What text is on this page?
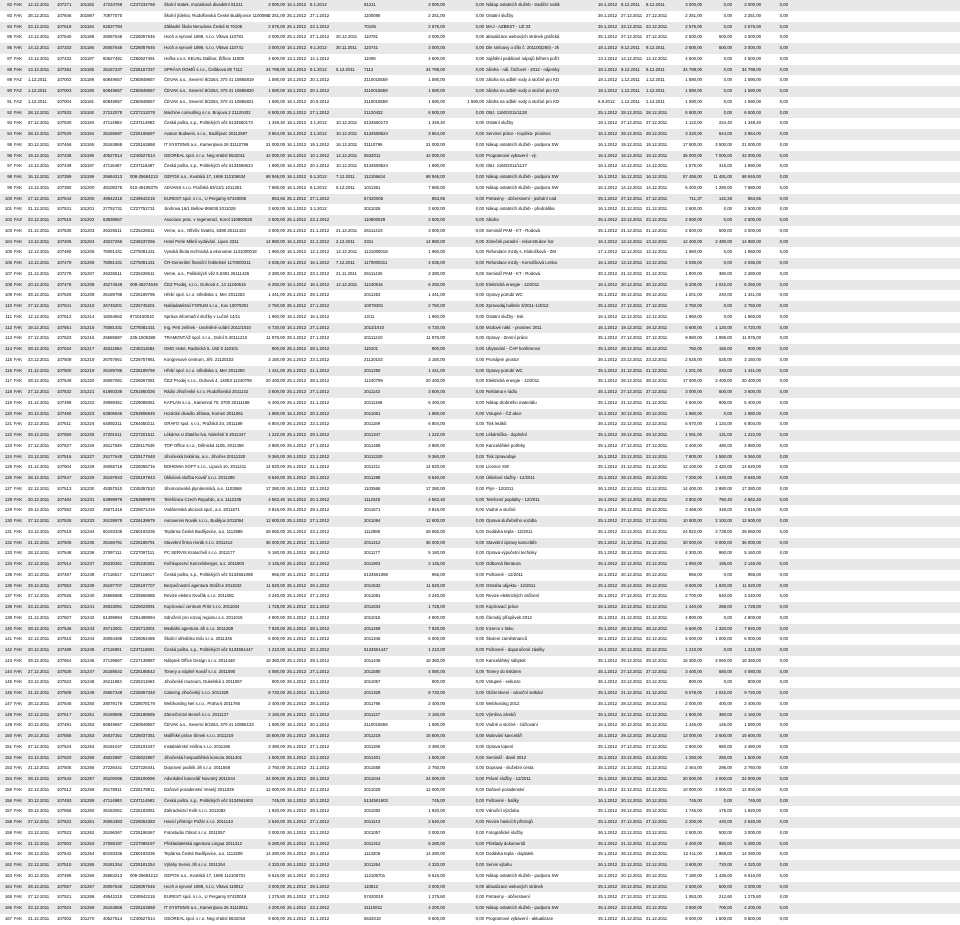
82 FAK	12.12.2011	107271	101182	47234768	CZ47234768	Školní statek, mozaiková divadelní 81211	3 000,00 16.1.2012 5.1.2012	81211	3 000,00	0,00 Nákup ostatních služeb - tradiční svátk	16.1.2012 8.12.2011	8.12.2011	3 000,00	0,00	3 000,00	0,00
83 FAK	28.12.2011	107846	301987	70877570	Školní jídelna, Rudolfovská České Budějovice 1100086 2 251,00 25.1.2012 27.1.2012	1100086	2 251,00	0,00 Ostatní služby	26.1.2012 27.12.2011 27.12.2011	2 251,00	0,00	2 251,00	0,00
84 FAK	23.12.2011	107518	101184	62537784	Základní škola Nerudova České B 70105	2 575,00 26.1.2012 23.1.2012	70105	2 575,00	0,00 MAJ - AZBEST - UZ 33	26.1.2012 23.12.2011 23.12.2011	2 575,00	0,00	2 575,00	0,00
85 FAK	14.12.2011	107540	101188	26057646	CZ26057646	Hoch a synové 1898, s.r.o. Vltava 110781	3 000,00 25.1.2012 27.1.2012	20.12.2011	110781	3 000,00	0,00 aktualizace webových stránek grafická	25.1.2012 27.12.2011 27.12.2011	2 500,00	500,00	3 000,00	0,00
86 FAK	14.12.2011	107333	101186	26057646	CZ26057646	Hoch a synové 1898, s.r.o. Vltava 110741	3 000,00 18.1.2012 9.1.2012	30.11.2011	110741	3 000,00	0,00 Dle smlouvy o dílo č. 201100(280) - zk	18.1.2012 9.12.2011	9.12.2011	2 500,00	500,00	3 000,00	0,00
87 FAK	14.12.2011	107432	101187	60627491	CZ60627491	Hořka v.o.s. KEUSL Dalibor, Žižkov 11008	4 500,00 13.1.2012 14.1.2012	11008	4 500,00	0,00 zajištění pedálové nápojů během poříz	13.1.2012 14.12.2011 14.12.2011	4 500,00	0,00	4 500,00	0,00
88 FAK	13.12.2011	107284	101185	25157337	CZ25157337	SPRÁVA DOMŮ s.r.o., Čelákova 80 7112	34 798,00 18.1.2012 9.1.2012	5.12.2011	7112	34 798,00	0,00 záloha - nál. činžovní - 2012 - nájemky	18.1.2012 9.12.2011	9.12.2011	34 798,00	0,00	34 798,00	0,00
89 FAZ	1.12.2011	107002	101189	60849657	CZ60849657	ČEVAK a.s., Severní 8/2264, 370 41 10865819	1 590,00 18.1.2012 20.1.2012	3110015559	1 590,00	0,00 záloha na odběr vody a stočné pro KD	18.1.2012 1.12.2011	1.12.2011	1 590,00	0,00	1 590,00	0,00
90 FAZ	1.12.2011	107003	101190	60849657	CZ60849657	ČEVAK a.s., Severní 8/2264, 370 41 10865820	1 590,00 18.1.2012 20.1.2012	3110015559	1 590,00	0,00 záloha na odběr vody a stočné pro KD	18.1.2012 1.12.2011	1.12.2011	1 590,00	0,00	1 590,00	0,00
91 FAZ	1.12.2011	107004	101191	60849657	CZ60849657	ČEVAK a.s., Severní 8/2264, 370 41 10865821	1 590,00 18.1.2012 20.9.2012	3110015559	1 590,00	1 590,00 záloha na odběr vody a stočné pro KD	6.9.2012	1.12.2011	1.12.2011	1 590,00	0,00	1 590,00	0,00
92 FAK	28.12.2011	107533	101192	27212078	CZ27212078	Machine consulting s.r.o. Brojova 2 21120432	6 500,00 25.1.2012 27.1.2012	21120432	6 500,00	0,00 OBJ. 1160/2011/1128	25.1.2012 28.12.2011 28.12.2011	6 500,00	0,00	6 500,00	0,00
93 FAK	27.12.2011	107530	101193	47114983	CZ47114983	Česká pošta, s.p., Politických věz 5134560173	1 348,40 18.1.2012 3.1.2012	10.12.2011	5134560173	1 348,40	0,00 Ostatní služby	18.1.2012 27.12.2011 27.12.2011	1 122,00	224,40	1 348,40	0,00
94 FAK	28.12.2011	107529	101194	25165697	CZ25165697	Avaton Budweis, s.r.o., Budějovic 20112597	3 864,00 16.1.2012 3.1.2012	10.12.2011	5134559524	3 864,00	0,00 Servisní práce - Kopírka- prosinec	16.1.2012 28.12.2011 28.12.2011	3 220,00	644,00	3 864,00	0,00
95 FAK	20.12.2011	107466	101165	25163868	CZ25163868	IT SYSTEMS a.s., Kamenjtova 26 31110796	21 000,00 16.1.2012 19.1.2012	16.12.2011	31110796	21 000,00	0,00 Nákup ostatních služeb - podpora SW	16.1.2012 19.12.2011 19.12.2011	17 500,00	3 500,00	21 000,00	0,00
96 FAK	19.12.2011	107438	101196	40527514	CZ40527514	GEOREAL spol. s r.o. Neg.Vratisl 5532011	42 000,00 16.1.2012 10.1.2012	12.12.2011	5532011	42 000,00	0,00 Programové vybavení - vý.	16.1.2012 19.12.2011 19.12.2011	35 000,00	7 000,00	42 000,00	0,00
97 FAK	14.12.2011	107439	101197	47116487	CZ47116487	Česká pošta, s.p., Politických věz 5134559524	1 890,00 16.1.2012 20.1.2012	10.12.2011	5134559524	1 890,00	0,00 OBJ. 1160/2011/1127	16.1.2012 14.12.2011 14.12.2011	1 575,00	315,00	1 890,00	0,00
98 FAK	16.12.2011	107399	101199	25684213	008-25684213	GEPOS a.s., Kvotská 17, 1695 112106634	68 946,00 16.1.2012 5.1.2012	7.12.2011	112106634	68 946,00	0,00 Nákup ostatních služeb - podpora SW	16.1.2012 16.12.2011 16.12.2011	57 455,00	11 491,00	68 946,00	0,00
99 FAK	14.12.2011	107380	101200	48108375	010-48108375	ADVANS s.r.o. Pražská 83/13/1 1011351	7 680,00 16.1.2012 9.1.2012	5.12.2011	1011351	7 680,00	0,00 Nákup ostatních služeb - podpora SW	16.1.2012 14.12.2011 14.12.2011	6 400,00	1 280,00	7 680,00	0,00
100 FAK	27.12.2011	107544	101200	49542215	CZ49542215	EUREST spol. s r.o., U Pergamy 57420006	853,65 25.1.2012 27.1.2012	57420006	853,65	0,00 Potraviny - občerstvení - jednání nad	25.1.2012 27.12.2011 27.12.2011	711,37	142,28	853,65	0,00
101 FAK	21.12.2011	107531	101201	27752731	CZ27752731	Jindrova 16/1 Bellow 869/38 2011028	2 600,00 16.1.2012 3.1.2012	2011028	2 600,00	0,00 Nákup ostatních služeb - přednáška	16.1.2012 21.12.2011 21.12.2011	2 600,00	0,00	2 600,00	0,00
102 FAZ	23.12.2011	107518	101202	63838667	Asociace prac. v regenerací, Korol 110800028	2 500,00 26.1.2012 23.1.2012	110800028	2 500,00	0,00 záloha	26.1.2012 23.12.2011 23.12.2011	2 500,00	0,00	2 500,00	0,00
103 FAK	21.12.2011	107535	101203	26226511	CZ26226511	Verne, a.s., Olbrův Svaté1, 6380 26111423	3 000,00 25.1.2012 21.1.2012	21.12.2011	26111423	3 000,00	0,00 Seminář PAM - KT - Rodová	25.1.2012 21.12.2011 21.12.2011	2 500,00	500,00	3 000,00	0,00
104 FAK	13.12.2011	107406	101204	48237256	CZ48237256	Hotel Perle Mikrů vydávání, Lipen 2311	14 880,00 16.1.2012 21.1.2012	2.12.2011	2311	14 880,00	0,00 Zimeček poradní - rekonstrukce hor	16.1.2012 13.12.2011 13.12.2011	12 400,00	2 480,00	14 880,00	0,00
105 FAK	12.12.2011	107480	101205	75081431	CZ75081431	Vysoká škola technická a ekonomie 1131000018	1 960,00 16.1.2012 12.1.2012	12.12.2011	1131000018	1 960,00	0,00 Refundace mzdy s. Klokočková - ZM	17.1.2012 12.12.2011 12.12.2011	1 960,00	0,00	1 960,00	0,00
106 FAK	13.12.2011	107479	101206	75081431	CZ75081431	ČR-Generální finanční ředitelství 1170000311	4 036,00 16.1.2012 16.1.2012	7.12.2011	1170000311	4 036,00	0,00 Refundace mzdy - Konvičková Lenka	16.1.2012 13.12.2011 13.12.2011	4 036,00	0,00	4 036,00	0,00
107 FAK	21.12.2011	107278	101207	26226511	CZ26226511	Verne, a.s., Politických věz 5,6381 26111426	2 280,00 20.1.2012 23.1.2012	21.11.2011	26111426	2 280,00	0,00 Seminář PAM - KT - Rodová	20.1.2012 21.12.2011 21.12.2011	1 900,00	380,00	2 280,00	0,00
108 FAK	20.12.2011	107478	101208	45274649	008-45274649	ČEZ Prodej, s.r.o., Duhová 4, 14 11240616	6 250,00 16.1.2012 16.1.2012	12.12.2011	11240616	6 250,00	0,00 Elektrická energie - 12/2011	16.1.2012 20.12.2011 20.12.2011	5 208,00	1 042,00	6 250,00	0,00
109 FAK	29.12.2011	107529	101209	25189786	CZ25189786	Hřebí spol. s.r.o. střediska 1, Mer 2011253	1 441,00 25.1.2012 29.1.2012	2011253	1 441,00	0,00 Opravy potrubí WC	25.1.2012 29.12.2011 29.12.2011	1 201,00	240,00	1 441,00	0,00
110 FAK	27.12.2011	107541	101210	26745201	CZ26745201	Nakladatelství FORUM s.r.o., Kov 10079301	2 750,00 25.1.2012 27.1.2012	10079301	2 750,00	0,00 Zpravodaj bulletin 3/2011-1/2012	25.1.2012 27.12.2011 27.12.2011	2 750,00	0,00	2 750,00	0,00
111 FAK	12.12.2011	107512	101214	18264562	8710150010	Správa informační služby v Lučně 14/11	1 960,00 16.1.2012 16.1.2012	14/11	1 960,00	0,00 Ostatní služby - tisk	16.1.2012 12.12.2011 12.12.2011	1 960,00	0,00	1 960,00	0,00
112 FAK	19.12.2011	107551	101215	75081431	CZ75081431	Ing. Petr Jelínek - Uvolněné volání 2011/1010	6 720,00 16.1.2012 27.1.2012	2011/1010	6 720,00	0,00 Mzdové nákl. - prosinec 2011	16.1.2012 19.12.2011 19.12.2011	5 600,00	1 120,00	6 720,00	0,00
113 FAK	27.12.2011	107523	101216	25585887	235-1505388	TRAMONTÁŽ spol. s r.o., Dolní 5 20111210	11 976,00 25.1.2012 27.1.2012	20111210	11 976,00	0,00 Opravy - Zemní práce	25.1.2012 27.12.2011 27.12.2011	9 980,00	1 996,00	11 976,00	0,00
114 FAK	28.12.2011	107534	101217	45311584	CZ45311584	OMG Hotel, Radnická 5, Ústí 0 110101	900,00 25.1.2012 28.1.2012	110101	900,00	0,00 Ubytování - ČAP konference	25.1.2012 28.12.2011 28.12.2011	750,00	150,00	900,00	0,00
115 FAK	23.12.2011	107509	101218	26757861	CZ26757861	Kongresové centrum, Jihl. 21120102	3 150,00 26.1.2012 23.1.2012	21120102	3 150,00	0,00 Pronájem prostor	26.1.2012 23.12.2011 23.12.2011	2 625,00	525,00	3 150,00	0,00
116 FAK	21.12.2011	107500	101219	25189786	CZ25189786	Hřebí spol. s.r.o. střediska 1, Mer 2011250	1 441,00 25.1.2012 21.1.2012	2011250	1 441,00	0,00 Opravy potrubí WC	25.1.2012 21.12.2011 21.12.2011	1 201,00	240,00	1 441,00	0,00
117 FAK	28.12.2011	107549	101220	26067081	CZ26067081	ČEZ Prodej s.r.o., Duhová 4, 14053 11240799	20 400,00 25.1.2012 28.1.2012	11240799	20 400,00	0,00 Elektrická energie - 12/2011	25.1.2012 28.12.2011 28.12.2011	17 000,00	3 400,00	20 400,00	0,00
118 FAK	27.12.2011	107532	101221	61860336	CZ61860336	Rádio Jihočeské s.r.o. Rudolfovská 2011142	3 600,00 25.1.2012 27.1.2012	2011142	3 600,00	0,00 Reklama v rádiu	25.1.2012 27.12.2011 27.12.2011	3 000,00	600,00	3 600,00	0,00
119 FAK	21.12.2011	107498	101222	29089351	CZ29089351	KAPLAN s.r.o., Kamenná 70, 3700 20111198	5 400,00 25.1.2012 21.1.2012	20111198	5 400,00	0,00 Nákup drobného materiálu	25.1.2012 21.12.2011 21.12.2011	4 500,00	900,00	5 400,00	0,00
120 FAK	20.12.2011	107480	101223	63906945	CZ63906945	Horácké divadlo Jihlava, Komen 2011061	1 980,00 16.1.2012 20.1.2012	2011061	1 980,00	0,00 Vstupné - ČZ akce	16.1.2012 20.12.2011 20.12.2011	1 980,00	0,00	1 980,00	0,00
121 FAK	22.12.2011	107511	101224	64050211	CZ64050211	GRAFO spol. s r.o., Pražská 24, 2011189	6 804,00 26.1.2012 22.1.2012	2011189	6 804,00	0,00 Tisk letáků	26.1.2012 22.12.2011 22.12.2011	5 670,00	1 134,00	6 804,00	0,00
122 FAK	29.12.2011	107550	101225	27201511	CZ27201511	Lékárna U Zlatého lva, Náměstí 5 2011347	1 222,00 25.1.2012 29.1.2012	2011347	1 222,00	0,00 Lékárnička - doplnění	25.1.2012 29.12.2011 29.12.2011	1 091,00	131,00	1 222,00	0,00
123 FAK	27.12.2011	107527	101226	28117549	CZ28117549	TOP Office s.r.o., Dělnická 1105, 2011458	2 880,00 25.1.2012 27.1.2012	2011458	2 880,00	0,00 Kancelářské potřeby	25.1.2012 27.12.2011 27.12.2011	2 400,00	480,00	2 880,00	0,00
124 FAK	23.12.2011	107516	101227	25177648	CZ25177648	Jihočeská tiskárna, a.s., Jihočes 20111320	9 360,00 26.1.2012 23.1.2012	20111320	9 360,00	0,00 Tisk zpravodaje	26.1.2012 23.12.2011 23.12.2011	7 800,00	1 560,00	9 360,00	0,00
125 FAK	21.12.2011	107504	101228	26055716	CZ26055716	BOHEMIA SOFT s.r.o., Lipová 10, 2011211	14 520,00 25.1.2012 21.1.2012	2011211	14 520,00	0,00 Licence SW	25.1.2012 21.12.2011 21.12.2011	12 100,00	2 420,00	14 520,00	0,00
126 FAK	28.12.2011	107547	101229	25197843	CZ25197843	Úklidová služba Kovář s.r.o. 2011288	8 640,00 25.1.2012 28.1.2012	2011288	8 640,00	0,00 Úklidové služby - 12/2011	25.1.2012 28.12.2011 28.12.2011	7 200,00	1 440,00	8 640,00	0,00
127 FAK	22.12.2011	107513	101230	45357510	CZ45357510	Jihomoravská plynárenská, a.s. 1103568	17 280,00 26.1.2012 22.1.2012	1103568	17 280,00	0,00 Plyn - 12/2011	26.1.2012 22.12.2011 22.12.2011	14 400,00	2 880,00	17 280,00	0,00
128 FAK	20.12.2011	107484	101231	63999978	CZ63999978	Telefónica Czech Republic, a.s. 1112345	4 562,40 16.1.2012 20.1.2012	1112345	4 562,40	0,00 Telefonní poplatky - 12/2011	16.1.2012 20.12.2011 20.12.2011	3 802,00	760,40	4 562,40	0,00
129 FAK	29.12.2011	107552	101232	25671416	CZ25671416	Vodárenská akciová spol., a.s. 2011671	3 816,00 25.1.2012 29.1.2012	2011671	3 816,00	0,00 Vodné a stočné	25.1.2012 29.12.2011 29.12.2011	3 468,00	348,00	3 816,00	0,00
130 FAK	27.12.2011	107528	101233	26139979	CZ26139979	Autoservis Novák s.r.o., Budějov 2011094	12 600,00 25.1.2012 27.1.2012	2011094	12 600,00	0,00 Oprava služebního vozidla	25.1.2012 27.12.2011 27.12.2011	10 500,00	2 100,00	12 600,00	0,00
131 FAK	23.12.2011	107519	101234	60193336	CZ60193336	Teplárna České Budějovice, a.s. 1112986	28 560,00 26.1.2012 23.1.2012	1112986	28 560,00	0,00 Dodávka tepla - 12/2011	26.1.2012 23.12.2011 23.12.2011	24 822,00	3 738,00	28 560,00	0,00
132 FAK	21.12.2011	107506	101235	25186791	CZ25186791	Stavební firma Horák s.r.o. 2011412	36 000,00 25.1.2012 21.1.2012	2011412	36 000,00	0,00 Stavební úpravy kanceláře	25.1.2012 21.12.2011 21.12.2011	30 000,00	6 000,00	36 000,00	0,00
133 FAK	28.12.2011	107548	101236	27097111	CZ27097111	PC SERVIS Kratochvíl s.r.o. 2011177	5 160,00 25.1.2012 28.1.2012	2011177	5 160,00	0,00 Oprava výpočetní techniky	25.1.2012 28.12.2011 28.12.2011	4 300,00	860,00	5 160,00	0,00
134 FAK	22.12.2011	107514	101237	25230361	CZ25230361	Knihkupectví Kanzelsberger, a.s. 2011903	2 145,00 26.1.2012 22.1.2012	2011903	2 145,00	0,00 Odborná literatura	26.1.2012 22.12.2011 22.12.2011	1 950,00	195,00	2 145,00	0,00
135 FAK	20.12.2011	107487	101238	47116617	CZ47116617	Česká pošta, s.p., Politických věz 5134561088	956,00 16.1.2012 20.1.2012	5134561088	956,00	0,00 Poštovné - 12/2011	16.1.2012 20.12.2011 20.12.2011	956,00	0,00	956,00	0,00
136 FAK	29.12.2011	107553	101239	26197707	CZ26197707	Bezpečnostní agentura Strážce 2011532	11 520,00 25.1.2012 29.1.2012	2011532	11 520,00	0,00 Ostraha objektu - 12/2011	25.1.2012 29.12.2011 29.12.2011	9 600,00	1 920,00	11 520,00	0,00
137 FAK	27.12.2011	107526	101240	25565885	CZ25565885	Revize elektro Dvořák s.r.o. 2011081	3 240,00 25.1.2012 27.1.2012	2011081	3 240,00	0,00 Revize elektrických zařízení	25.1.2012 27.12.2011 27.12.2011	2 700,00	540,00	3 240,00	0,00
138 FAK	23.12.2011	107521	101241	26023091	CZ26023091	Kopírovací centrum Print s.r.o. 2011634	1 728,00 26.1.2012 23.1.2012	2011634	1 728,00	0,00 Kopírovací práce	26.1.2012 23.12.2011 23.12.2011	1 440,00	288,00	1 728,00	0,00
139 FAK	21.12.2011	107507	101242	61499994	CZ61499994	Sdružení pro rozvoj regionu o.s. 2011015	4 800,00 25.1.2012 21.1.2012	2011015	4 800,00	0,00 Členský příspěvek 2012	25.1.2012 21.12.2011 21.12.2011	4 800,00	0,00	4 800,00	0,00
140 FAK	28.12.2011	107546	101243	25713001	CZ25713001	Mediální agentura Jih s.r.o. 2011269	7 920,00 25.1.2012 28.1.2012	2011269	7 920,00	0,00 Inzerce v tisku	25.1.2012 28.12.2011 28.12.2011	6 600,00	1 320,00	7 920,00	0,00
141 FAK	22.12.2011	107515	101244	26054485	CZ26054485	Školicí středisko Edu s.r.o. 2011345	6 000,00 26.1.2012 22.1.2012	2011345	6 000,00	0,00 Školení zaměstnanců	26.1.2012 22.12.2011 22.12.2011	5 000,00	1 000,00	6 000,00	0,00
142 FAK	20.12.2011	107489	101245	47116901	CZ47116901	Česká pošta, s.p., Politických věz 5134561447	1 210,00 16.1.2012 20.1.2012	5134561447	1 210,00	0,00 Poštovné - doporučené zásilky	16.1.2012 20.12.2011 20.12.2011	1 210,00	0,00	1 210,00	0,00
143 FAK	29.12.2011	107554	101246	27139867	CZ27139867	Nábytek Office Design s.r.o. 2011448	18 360,00 25.1.2012 29.1.2012	2011448	18 360,00	0,00 Kancelářský nábytek	25.1.2012 29.12.2011 29.12.2011	15 300,00	3 060,00	18 360,00	0,00
144 FAK	27.12.2011	107525	101247	25188542	CZ25188542	Tonery a náplně Kovář s.r.o. 2011590	4 080,00 25.1.2012 27.1.2012	2011590	4 080,00	0,00 Tonery do tiskáren	25.1.2012 27.12.2011 27.12.2011	3 400,00	680,00	4 080,00	0,00
145 FAK	23.12.2011	107522	101248	26211963	CZ26211963	Jihočeské muzeum, Dukelská 1 2011067	800,00 26.1.2012 23.1.2012	2011067	800,00	0,00 Vstupné - exkurze	26.1.2012 23.12.2011 23.12.2011	800,00	0,00	800,00	0,00
146 FAK	21.12.2011	107508	101249	25657348	CZ25657348	Catering Jihočeský s.r.o. 2011328	9 720,00 25.1.2012 21.1.2012	2011328	9 720,00	0,00 Občerstvení - vánoční setkání	25.1.2012 21.12.2011 21.12.2011	8 678,00	1 042,00	9 720,00	0,00
147 FAK	28.12.2011	107545	101250	28078179	CZ28078179	Webhosting Net s.r.o., Praha 5 2011766	2 400,00 25.1.2012 28.1.2012	2011766	2 400,00	0,00 Webhosting 2012	25.1.2012 28.12.2011 28.12.2011	2 000,00	400,00	2 400,00	0,00
148 FAK	22.12.2011	107517	101251	25188585	CZ25188585	Zámečnictví Beneš s.r.o. 2011137	2 160,00 26.1.2012 22.1.2012	2011137	2 160,00	0,00 Výměna zámků	26.1.2012 22.12.2011 22.12.2011	1 800,00	360,00	2 160,00	0,00
149 FAK	20.12.2011	107491	101252	60849657	CZ60849657	ČEVAK a.s., Severní 8/2264, 370 41 10866133	1 590,00 16.1.2012 20.1.2012	3110015559	1 590,00	0,00 Vodné a stočné - zúčtování	16.1.2012 20.12.2011 20.12.2011	1 445,00	145,00	1 590,00	0,00
150 FAK	29.12.2011	107555	101253	26037351	CZ26037351	Malířské práce Šimek s.r.o. 2011219	15 600,00 25.1.2012 29.1.2012	2011219	15 600,00	0,00 Malování kanceláří	25.1.2012 29.12.2011 29.12.2011	13 000,00	2 600,00	15 600,00	0,00
151 FAK	27.12.2011	107524	101254	25191047	CZ25191047	Instalatérství Hrdina s.r.o. 2011196	3 480,00 25.1.2012 27.1.2012	2011196	3 480,00	0,00 Oprava topení	25.1.2012 27.12.2011 27.12.2011	2 900,00	580,00	3 480,00	0,00
152 FAK	23.12.2011	107520	101255	45022887	CZ45022887	Jihočeská hospodářská komora 2011401	1 500,00 26.1.2012 23.1.2012	2011401	1 500,00	0,00 Seminář - daně 2012	26.1.2012 23.12.2011 23.12.2011	1 250,00	250,00	1 500,00	0,00
153 FAK	21.12.2011	107505	101256	27226441	CZ27226441	Dopravní podnik Jih s.r.o. 2011558	2 760,00 25.1.2012 21.1.2012	2011558	2 760,00	0,00 Doprava - služební cesta	25.1.2012 21.12.2011 21.12.2011	2 464,00	296,00	2 760,00	0,00
154 FAK	28.12.2011	107543	101257	26100096	CZ26100096	Advokátní kancelář Novotný 2011044	24 000,00 25.1.2012 28.1.2012	2011044	24 000,00	0,00 Právní služby - 12/2011	25.1.2012 28.12.2011 28.12.2011	20 000,00	4 000,00	24 000,00	0,00
155 FAK	22.12.2011	107512	101258	25178911	CZ25178911	Daňové poradenství Veselý 2011029	12 000,00 26.1.2012 22.1.2012	2011029	12 000,00	0,00 Daňové poradenství	26.1.2012 22.12.2011 22.12.2011	10 000,00	2 000,00	12 000,00	0,00
156 FAK	20.12.2011	107493	101259	47114983	CZ47114983	Česká pošta, s.p., Politických věz 5134561903	745,00 16.1.2012 20.1.2012	5134561903	745,00	0,00 Poštovné - balíky	16.1.2012 20.12.2011 20.12.2011	745,00	0,00	745,00	0,00
157 FAK	29.12.2011	107556	101260	25183061	CZ25183061	Zahradnictví Květ s.r.o. 2011082	1 920,00 25.1.2012 29.1.2012	2011082	1 920,00	0,00 Vánoční výzdoba	25.1.2012 29.12.2011 29.12.2011	1 745,00	175,00	1 920,00	0,00
158 FAK	27.12.2011	107522	101261	26064383	CZ26064383	Hasicí přístroje Požár s.r.o. 2011143	2 640,00 25.1.2012 27.1.2012	2011143	2 640,00	0,00 Revize hasicích přístrojů	25.1.2012 27.12.2011 27.12.2011	2 200,00	440,00	2 640,00	0,00
159 FAK	23.12.2011	107523	101262	25196367	CZ25196367	Fotostudio Obraz s.r.o. 2011057	3 000,00 26.1.2012 23.1.2012	2011057	3 000,00	0,00 Fotografické služby	26.1.2012 23.12.2011 23.12.2011	2 500,00	500,00	3 000,00	0,00
160 FAK	21.12.2011	107503	101263	27088197	CZ27088197	Překladatelská agentura Lingua 2011312	5 280,00 25.1.2012 21.1.2012	2011312	5 280,00	0,00 Překlady dokumentů	25.1.2012 21.12.2011 21.12.2011	4 400,00	880,00	5 280,00	0,00
161 FAK	28.12.2011	107542	101264	60193336	CZ60193336	Teplárna České Budějovice, a.s. 1113208	14 280,00 25.1.2012 28.1.2012	1113208	14 280,00	0,00 Dodávka tepla - doplatek	25.1.2012 28.12.2011 28.12.2011	12 411,00	1 869,00	14 280,00	0,00
162 FAK	22.12.2011	107510	101265	25181254	CZ25181254	Výtahy Servis Jih s.r.o. 2011264	4 320,00 26.1.2012 22.1.2012	2011264	4 320,00	0,00 Servis výtahu	26.1.2012 22.12.2011 22.12.2011	3 600,00	720,00	4 320,00	0,00
163 FAK	20.12.2011	107495	101266	25684213	008-25684213	GEPOS a.s., Kvotská 17, 1695 112106701	8 616,00 16.1.2012 20.1.2012	112106701	8 616,00	0,00 Nákup ostatních služeb - podpora SW	16.1.2012 20.12.2011 20.12.2011	7 180,00	1 436,00	8 616,00	0,00
164 FAK	29.12.2011	107557	101267	26057646	CZ26057646	Hoch a synové 1898, s.r.o. Vltava 110812	3 000,00 25.1.2012 29.1.2012	110812	3 000,00	0,00 aktualizace webových stránek	25.1.2012 29.12.2011 29.12.2011	2 500,00	500,00	3 000,00	0,00
165 FAK	27.12.2011	107521	101268	49542215	CZ49542215	EUREST spol. s r.o., U Pergamy 57420019	1 275,60 25.1.2012 27.1.2012	57420019	1 275,60	0,00 Potraviny - občerstvení	25.1.2012 27.12.2011 27.12.2011	1 063,00	212,60	1 275,60	0,00
166 FAK	23.12.2011	107524	101269	25163868	CZ25163868	IT SYSTEMS a.s., Kamenjtova 26 31110811	4 200,00 26.1.2012 23.1.2012	31110811	4 200,00	0,00 Nákup ostatních služeb - podpora SW	26.1.2012 23.12.2011 23.12.2011	3 500,00	700,00	4 200,00	0,00
167 FAK	21.12.2011	107502	101270	40527514	CZ40527514	GEOREAL spol. s r.o. Neg.Vratisl 5532018	9 600,00 25.1.2012 21.1.2012	5532018	9 600,00	0,00 Programové vybavení - aktualizace	25.1.2012 21.12.2011 21.12.2011	8 000,00	1 600,00	9 600,00	0,00
